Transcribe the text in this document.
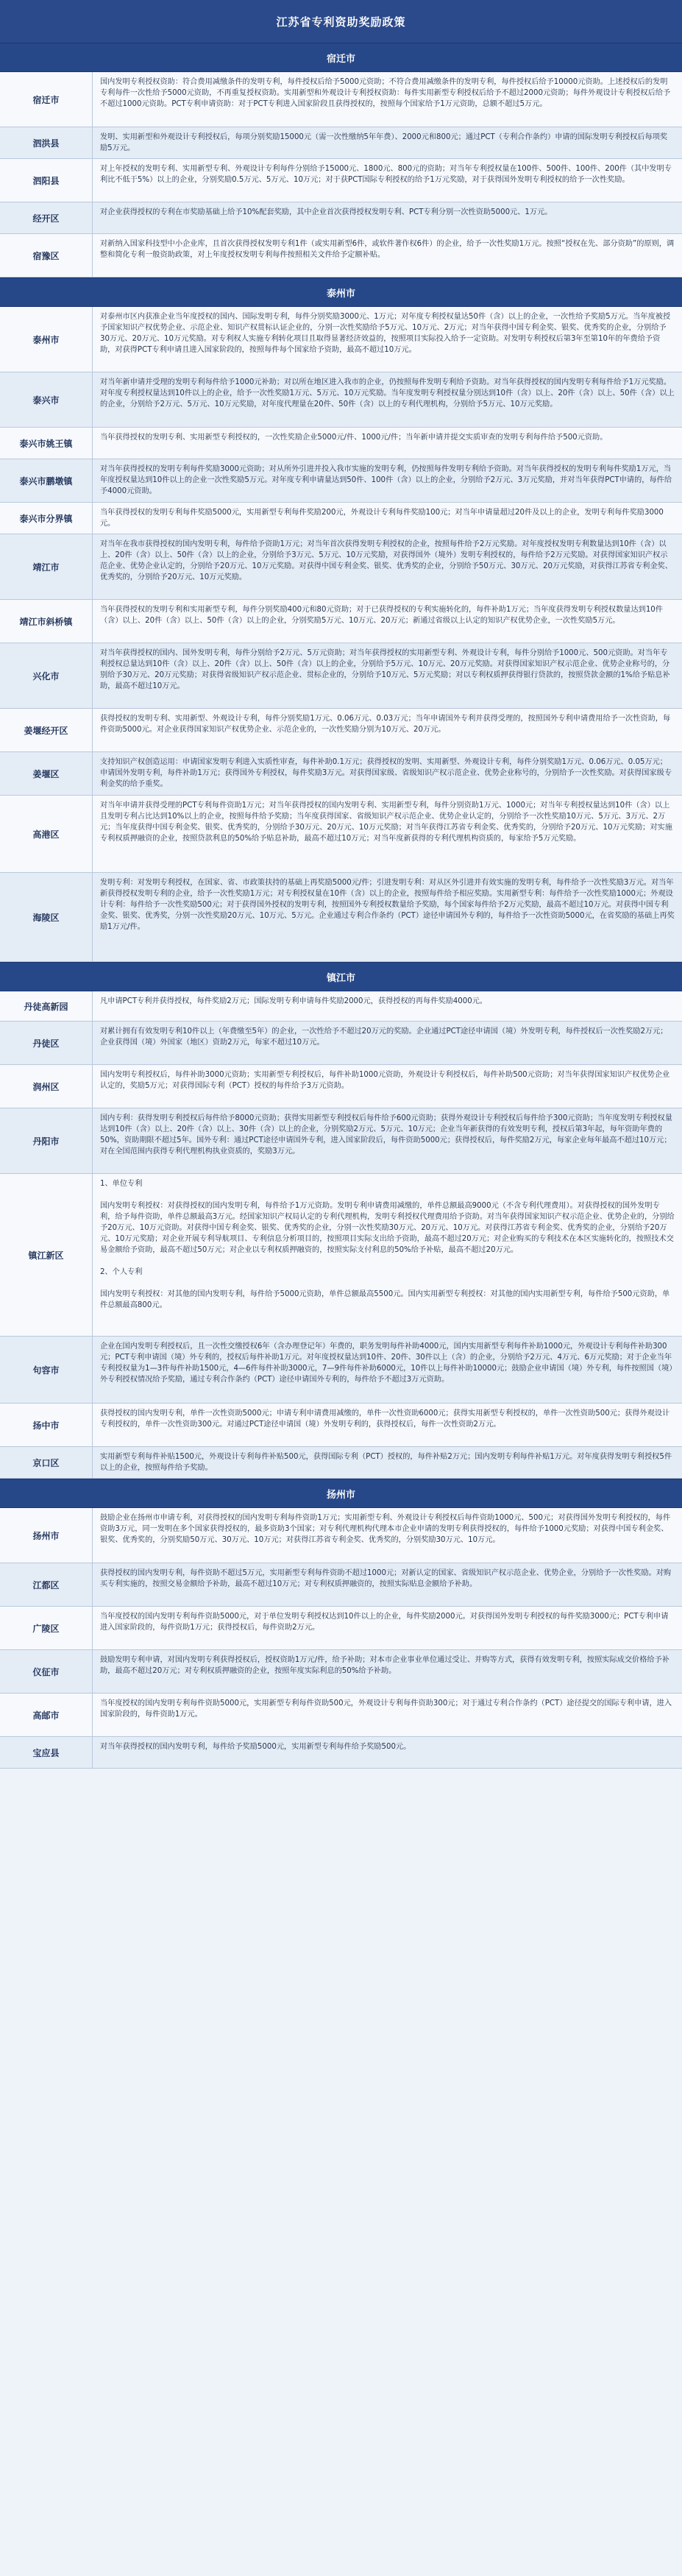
江苏省专利资助奖励政策
宿迁市
宿迁市
国内发明专利授权资助：符合费用减缴条件的发明专利，每件授权后给予5000元资助；不符合费用减缴条件的发明专利，每件授权后给予10000元资助。上述授权后的发明专利每件一次性给予5000元资助，不再重复授权资助。实用新型和外观设计专利授权资助：每件实用新型专利授权后给予不超过2000元资助；每件外观设计专利授权后给予不超过1000元资助。PCT专利申请资助：对于PCT专利进入国家阶段且获得授权的，按照每个国家给予1万元资助，总额不超过5万元。
泗洪县
发明、实用新型和外观设计专利授权后，每项分别奖励15000元（需一次性缴纳5年年费）、2000元和800元；通过PCT（专利合作条约）申请的国际发明专利授权后每项奖励5万元。
泗阳县
对上年授权的发明专利、实用新型专利、外观设计专利每件分别给予15000元、1800元、800元的资助；对当年专利授权量在100件、500件、100件、200件（其中发明专利比不低于5%）以上的企业，分别奖励0.5万元、5万元、10万元；对于获PCT国际专利授权的给予1万元奖励，对于获得国外发明专利授权的给予一次性奖励。
经开区
对企业获得授权的专利在市奖励基础上给予10%配套奖励，其中企业首次获得授权发明专利、PCT专利分别一次性资助5000元、1万元。
宿豫区
对新纳入国家科技型中小企业库，且首次获得授权发明专利1件（或实用新型6件，或软件著作权6件）的企业，给予一次性奖励1万元。按照“授权在先、部分资助”的原则，调整和简化专利一般资助政策，对上年度授权发明专利每件按照相关文件给予定额补贴。
泰州市
泰州市
对泰州市区内获准企业当年度授权的国内、国际发明专利，每件分别奖励3000元、1万元；对年度专利授权量达50件（含）以上的企业，一次性给予奖励5万元。当年度被授予国家知识产权优势企业、示范企业、知识产权贯标认证企业的，分别一次性奖励给予5万元、10万元、2万元；对当年获得中国专利金奖、银奖、优秀奖的企业，分别给予30万元、20万元、10万元奖励。对专利权人实施专利转化项目且取得显著经济效益的，按照项目实际投入给予一定资助。对发明专利授权后第3年至第10年的年费给予资助，对获得PCT专利申请且进入国家阶段的，按照每件每个国家给予资助，最高不超过10万元。
泰兴市
对当年新申请并受理的发明专利每件给予1000元补助；对以所在地区进入我市的企业，仍按照每件发明专利给予资助。对当年获得授权的国内发明专利每件给予1万元奖励。对年度专利授权量达到10件以上的企业，给予一次性奖励1万元、5万元、10万元奖励。当年度发明专利授权量分别达到10件（含）以上、20件（含）以上、50件（含）以上的企业，分别给予2万元、5万元、10万元奖励，对年度代理量在20件、50件（含）以上的专利代理机构，分别给予5万元、10万元奖励。
泰兴市姚王镇
当年获得授权的发明专利、实用新型专利授权的，一次性奖励企业5000元/件、1000元/件；当年新申请并提交实质审查的发明专利每件给予500元资助。
泰兴市鹏墩镇
对当年获得授权的发明专利每件奖励3000元资助；对从所外引进并投入我市实施的发明专利，仍按照每件发明专利给予资助。对当年获得授权的发明专利每件奖励1万元，当年度授权量达到10件以上的企业一次性奖励5万元。对年度专利申请量达到50件、100件（含）以上的企业，分别给予2万元、3万元奖励，并对当年获得PCT申请的，每件给予4000元资助。
泰兴市分界镇
当年获得授权的发明专利每件奖励5000元，实用新型专利每件奖励200元，外观设计专利每件奖励100元；对当年申请量超过20件及以上的企业，发明专利每件奖励3000元。
靖江市
对当年在我市获得授权的国内发明专利，每件给予资助1万元；对当年首次获得发明专利授权的企业，按照每件给予2万元奖励。对年度授权发明专利数量达到10件（含）以上、20件（含）以上、50件（含）以上的企业，分别给予3万元、5万元、10万元奖励，对获得国外（境外）发明专利授权的，每件给予2万元奖励。对获得国家知识产权示范企业、优势企业认定的，分别给予20万元、10万元奖励。对获得中国专利金奖、银奖、优秀奖的企业，分别给予50万元、30万元、20万元奖励，对获得江苏省专利金奖、优秀奖的，分别给予20万元、10万元奖励。
靖江市斜桥镇
当年获得授权的发明专利和实用新型专利，每件分别奖励400元和80元资助；对于已获得授权的专利实施转化的，每件补助1万元；当年度获得发明专利授权数量达到10件（含）以上、20件（含）以上、50件（含）以上的企业，分别奖励5万元、10万元、20万元；新通过省级以上认定的知识产权优势企业，一次性奖励5万元。
兴化市
对当年获得授权的国内、国外发明专利，每件分别给予2万元、5万元资助；对当年获得授权的实用新型专利、外观设计专利，每件分别给予1000元、500元资助。对当年专利授权总量达到10件（含）以上、20件（含）以上、50件（含）以上的企业，分别给予5万元、10万元、20万元奖励。对获得国家知识产权示范企业、优势企业称号的，分别给予30万元、20万元奖励；对获得省级知识产权示范企业、贯标企业的，分别给予10万元、5万元奖励；对以专利权质押获得银行贷款的，按照贷款金额的1%给予贴息补助，最高不超过10万元。
姜堰经开区
获得授权的发明专利、实用新型、外观设计专利，每件分别奖励1万元、0.06万元、0.03万元；当年申请国外专利并获得受理的，按照国外专利申请费用给予一次性资助，每件资助5000元。对企业获得国家知识产权优势企业、示范企业的，一次性奖励分别为10万元、20万元。
姜堰区
支持知识产权创造运用：申请国家发明专利进入实质性审查，每件补助0.1万元；获得授权的发明、实用新型、外观设计专利，每件分别奖励1万元、0.06万元、0.05万元；申请国外发明专利，每件补助1万元；获得国外专利授权，每件奖励3万元。对获得国家级、省级知识产权示范企业、优势企业称号的，分别给予一次性奖励。对获得国家级专利金奖的给予重奖。
高港区
对当年申请并获得受理的PCT专利每件资助1万元；对当年获得授权的国内发明专利、实用新型专利，每件分别资助1万元、1000元；对当年专利授权量达到10件（含）以上且发明专利占比达到10%以上的企业，按照每件给予奖励；当年度获得国家、省级知识产权示范企业、优势企业认定的，分别给予一次性奖励10万元、5万元、3万元、2万元；当年度获得中国专利金奖、银奖、优秀奖的，分别给予30万元、20万元、10万元奖励；对当年获得江苏省专利金奖、优秀奖的，分别给予20万元、10万元奖励；对实施专利权质押融资的企业，按照贷款利息的50%给予贴息补助，最高不超过10万元；对当年度新获得的专利代理机构资质的，每家给予5万元奖励。
海陵区
发明专利：对发明专利授权，在国家、省、市政策扶持的基础上再奖励5000元/件；引进发明专利：对从区外引进并有效实施的发明专利，每件给予一次性奖励3万元。对当年新获得授权发明专利的企业，给予一次性奖励1万元；对专利授权量在10件（含）以上的企业，按照每件给予相应奖励。实用新型专利：每件给予一次性奖励1000元；外观设计专利：每件给予一次性奖励500元；对于获得国外授权的发明专利，按照国外专利授权数量给予奖励，每个国家每件给予2万元奖励，最高不超过10万元。对获得中国专利金奖、银奖、优秀奖，分别一次性奖励20万元、10万元、5万元。企业通过专利合作条约（PCT）途径申请国外专利的，每件给予一次性资助5000元，在省奖励的基础上再奖励1万元/件。
镇江市
丹徒高新园	凡申请PCT专利并获得授权，每件奖励2万元；国际发明专利申请每件奖励2000元，获得授权的再每件奖励4000元。
丹徒区
对累计拥有有效发明专利10件以上（年费缴至5年）的企业，一次性给予不超过20万元的奖励。企业通过PCT途径申请国（境）外发明专利，每件授权后一次性奖励2万元；企业获得国（境）外国家（地区）资助2万元，每家不超过10万元。
润州区
国内发明专利授权后，每件补助3000元资助；实用新型专利授权后，每件补助1000元资助，外观设计专利授权后，每件补助500元资助；对当年获得国家知识产权优势企业认定的，奖励5万元；对获得国际专利（PCT）授权的每件给予3万元资助。
丹阳市
国内专利：获得发明专利授权后每件给予8000元资助；获得实用新型专利授权后每件给予600元资助；获得外观设计专利授权后每件给予300元资助；当年度发明专利授权量达到10件（含）以上、20件（含）以上、30件（含）以上的企业，分别奖励2万元、5万元、10万元；企业当年新获得的有效发明专利，授权后第3年起，每年资助年费的50%，资助期限不超过5年。国外专利：通过PCT途径申请国外专利，进入国家阶段后，每件资助5000元；获得授权后，每件奖励2万元，每家企业每年最高不超过10万元；对在全国范围内获得专利代理机构执业资质的，奖励3万元。
镇江新区
1、单位专利

国内发明专利授权：对获得授权的国内发明专利，每件给予1万元资助。发明专利申请费用减缴的，单件总额最高9000元（不含专利代理费用）。对获得授权的国外发明专利，给予每件资助，单件总额最高3万元。经国家知识产权局认定的专利代理机构，发明专利授权代理费用给予资助。对当年获得国家知识产权示范企业、优势企业的，分别给予20万元、10万元资助。对获得中国专利金奖、银奖、优秀奖的企业，分别一次性奖励30万元、20万元、10万元。对获得江苏省专利金奖、优秀奖的企业，分别给予20万元、10万元奖励；对企业开展专利导航项目、专利信息分析项目的，按照项目实际支出给予资助，最高不超过20万元；对企业购买的专利技术在本区实施转化的，按照技术交易金额给予资助，最高不超过50万元；对企业以专利权质押融资的，按照实际支付利息的50%给予补贴，最高不超过20万元。

2、个人专利

国内发明专利授权：对其他的国内发明专利，每件给予5000元资助，单件总额最高5500元。国内实用新型专利授权：对其他的国内实用新型专利，每件给予500元资助，单件总额最高800元。
句容市
企业在国内发明专利授权后，且一次性交缴授权6年（含办理登记年）年费的，职务发明每件补助4000元，国内实用新型专利每件补助1000元，外观设计专利每件补助300元；PCT专利申请国（境）外专利的，授权后每件补助1万元。对年度授权量达到10件、20件、30件以上（含）的企业，分别给予2万元、4万元、6万元奖励；对于企业当年专利授权量为1—3件每件补助1500元，4—6件每件补助3000元，7—9件每件补助6000元，10件以上每件补助10000元；鼓励企业申请国（境）外专利，每件按照国（境）外专利授权情况给予奖励，通过专利合作条约（PCT）途径申请国外专利的，每件给予不超过3万元资助。
扬中市
获得授权的国内发明专利，单件一次性资助5000元；申请专利申请费用减缴的，单件一次性资助6000元；获得实用新型专利授权的，单件一次性资助500元；获得外观设计专利授权的，单件一次性资助300元。对通过PCT途径申请国（境）外发明专利的，获得授权后，每件一次性资助2万元。
京口区
实用新型专利每件补贴1500元，外观设计专利每件补贴500元，获得国际专利（PCT）授权的，每件补贴2万元；国内发明专利每件补贴1万元。对年度获得发明专利授权5件以上的企业，按照每件给予奖励。
扬州市
扬州市
鼓励企业在扬州市申请专利，对获得授权的国内发明专利每件资助1万元；实用新型专利、外观设计专利授权后每件资助1000元、500元；对获得国外发明专利授权的，每件资助3万元，同一发明在多个国家获得授权的，最多资助3个国家；对专利代理机构代理本市企业申请的发明专利获得授权的，每件给予1000元奖励；对获得中国专利金奖、银奖、优秀奖的，分别奖励50万元、30万元、10万元；对获得江苏省专利金奖、优秀奖的，分别奖励30万元、10万元。
江都区
获得授权的国内发明专利，每件资助不超过5万元，实用新型专利每件资助不超过1000元；对新认定的国家、省级知识产权示范企业、优势企业，分别给予一次性奖励。对购买专利实施的，按照交易金额给予补助，最高不超过10万元；对专利权质押融资的，按照实际贴息金额给予补助。
广陵区
当年度授权的国内发明专利每件资助5000元，对于单位发明专利授权达到10件以上的企业，每件奖励2000元。对获得国外发明专利授权的每件奖励3000元；PCT专利申请进入国家阶段的，每件资助1万元；获得授权后，每件资助2万元。
仪征市
鼓励发明专利申请，对国内发明专利获得授权后，授权资助1万元/件，给予补助；对本市企业事业单位通过受让、并购等方式，获得有效发明专利，按照实际成交价格给予补助，最高不超过20万元；对专利权质押融资的企业，按照年度实际利息的50%给予补助。
高邮市
当年度授权的国内发明专利每件资助5000元，实用新型专利每件资助500元，外观设计专利每件资助300元；对于通过专利合作条约（PCT）途径提交的国际专利申请，进入国家阶段的，每件资助1万元。
宝应县
对当年获得授权的国内发明专利，每件给予奖励5000元，实用新型专利每件给予奖励500元。
